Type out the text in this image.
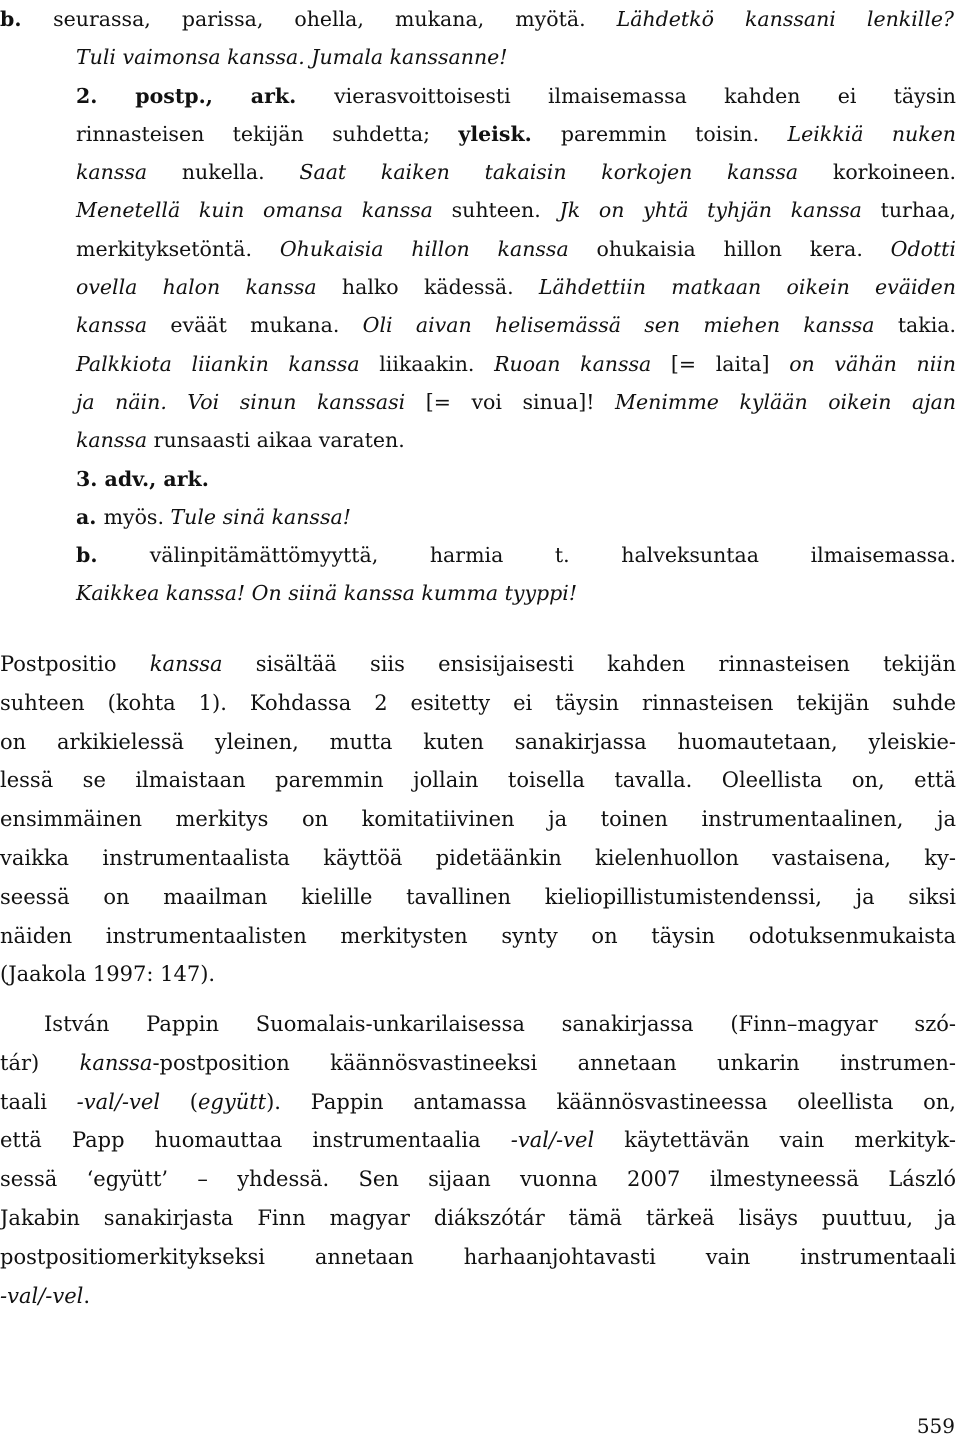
b. seurassa, parissa, ohella, mukana, myötä. Lähdetkö kanssani lenkille?
Tuli vaimonsa kanssa. Jumala kanssanne!
2. postp., ark. vierasvoittoisesti ilmaisemassa kahden ei täysin
rinnasteisen tekijän suhdetta; yleisk. paremmin toisin. Leikkiä nuken
kanssa nukella. Saat kaiken takaisin korkojen kanssa korkoineen.
Menetellä kuin omansa kanssa suhteen. Jk on yhtä tyhjän kanssa turhaa,
merkityksetöntä. Ohukaisia hillon kanssa ohukaisia hillon kera. Odotti
ovella halon kanssa halko kädessä. Lähdettiin matkaan oikein eväiden
kanssa eväät mukana. Oli aivan helisemässä sen miehen kanssa takia.
Palkkiota liiankin kanssa liikaakin. Ruoan kanssa [= laita] on vähän niin
ja näin. Voi sinun kanssasi [= voi sinua]! Menimme kylään oikein ajan
kanssa runsaasti aikaa varaten.
3. adv., ark.
a. myös. Tule sinä kanssa!
b. välinpitämättömyyttä, harmia t. halveksuntaa ilmaisemassa.
Kaikkea kanssa! On siinä kanssa kumma tyyppi!
Postpositio kanssa sisältää siis ensisijaisesti kahden rinnasteisen tekijän
suhteen (kohta 1). Kohdassa 2 esitetty ei täysin rinnasteisen tekijän suhde
on arkikielessä yleinen, mutta kuten sanakirjassa huomautetaan, yleiskie-
lessä se ilmaistaan paremmin jollain toisella tavalla. Oleellista on, että
ensimmäinen merkitys on komitatiivinen ja toinen instrumentaalinen, ja
vaikka instrumentaalista käyttöä pidetäänkin kielenhuollon vastaisena, ky-
seessä on maailman kielille tavallinen kieliopillistumistendenssi, ja siksi
näiden instrumentaalisten merkitysten synty on täysin odotuksenmukaista
(Jaakola 1997: 147).
István Pappin Suomalais-unkarilaisessa sanakirjassa (Finn–magyar szó-
tár) kanssa-postposition käännösvastineeksi annetaan unkarin instrumen-
taali -val/-vel (együtt). Pappin antamassa käännösvastineessa oleellista on,
että Papp huomauttaa instrumentaalia -val/-vel käytettävän vain merkityk-
sessä ‘együtt’ – yhdessä. Sen sijaan vuonna 2007 ilmestyneessä László
Jakabin sanakirjasta Finn magyar diákszótár tämä tärkeä lisäys puuttuu, ja
postpositiomerkitykseksi annetaan harhaanjohtavasti vain instrumentaali
-val/-vel.
559
